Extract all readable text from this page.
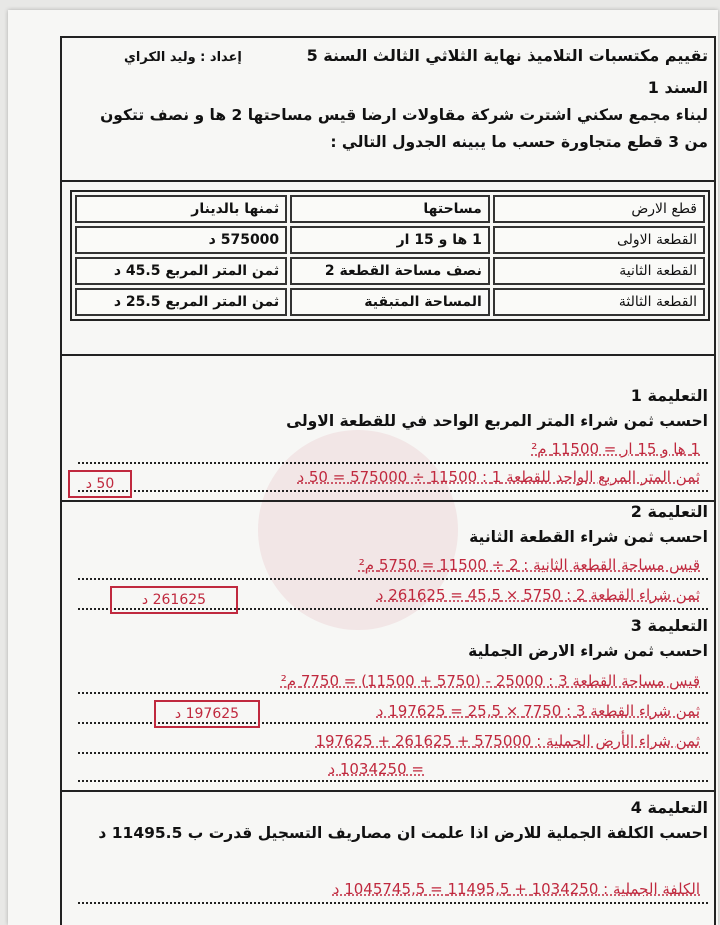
تقييم مكتسبات التلاميذ نهاية الثلاثي الثالث السنة 5
إعداد : وليد الكراي
السند 1
لبناء مجمع سكني اشترت شركة مقاولات ارضا قيس مساحتها 2 ها و نصف تتكون من 3 قطع متجاورة حسب ما يبينه الجدول التالي :
قطع الارض	مساحتها	ثمنها بالدينار
القطعة الاولى	1 ها و 15 ار	575000 د
القطعة الثانية	نصف مساحة القطعة 2	ثمن المتر المربع 45.5 د
القطعة الثالثة	المساحة المتبقية	ثمن المتر المربع 25.5 د
التعليمة 1
احسب ثمن شراء المتر المربع الواحد في للقطعة الاولى
1 ها و 15 ار = 11500 م²
ثمن المتر المربع الواحد للقطعة 1 : 11500 ÷ 575000 = 50 د
50 د
التعليمة 2
احسب ثمن شراء القطعة الثانية
قيس مساحة القطعة الثانية : 2 ÷ 11500 = 5750 م²
ثمن شراء القطعة 2 : 5750 × 45,5 = 261625 د
261625 د
التعليمة 3
احسب ثمن شراء الارض الجملية
قيس مساحة القطعة 3 : 25000 - (5750 + 11500) = 7750 م²
ثمن شراء القطعة 3 : 7750 × 25,5 = 197625 د
197625 د
ثمن شراء الأرض الجملية : 575000 + 261625 + 197625
= 1034250 د
التعليمة 4
احسب الكلفة الجملية للارض اذا علمت ان مصاريف التسجيل قدرت ب 11495.5 د
الكلفة الجملية : 1034250 + 11495,5 = 1045745,5 د
